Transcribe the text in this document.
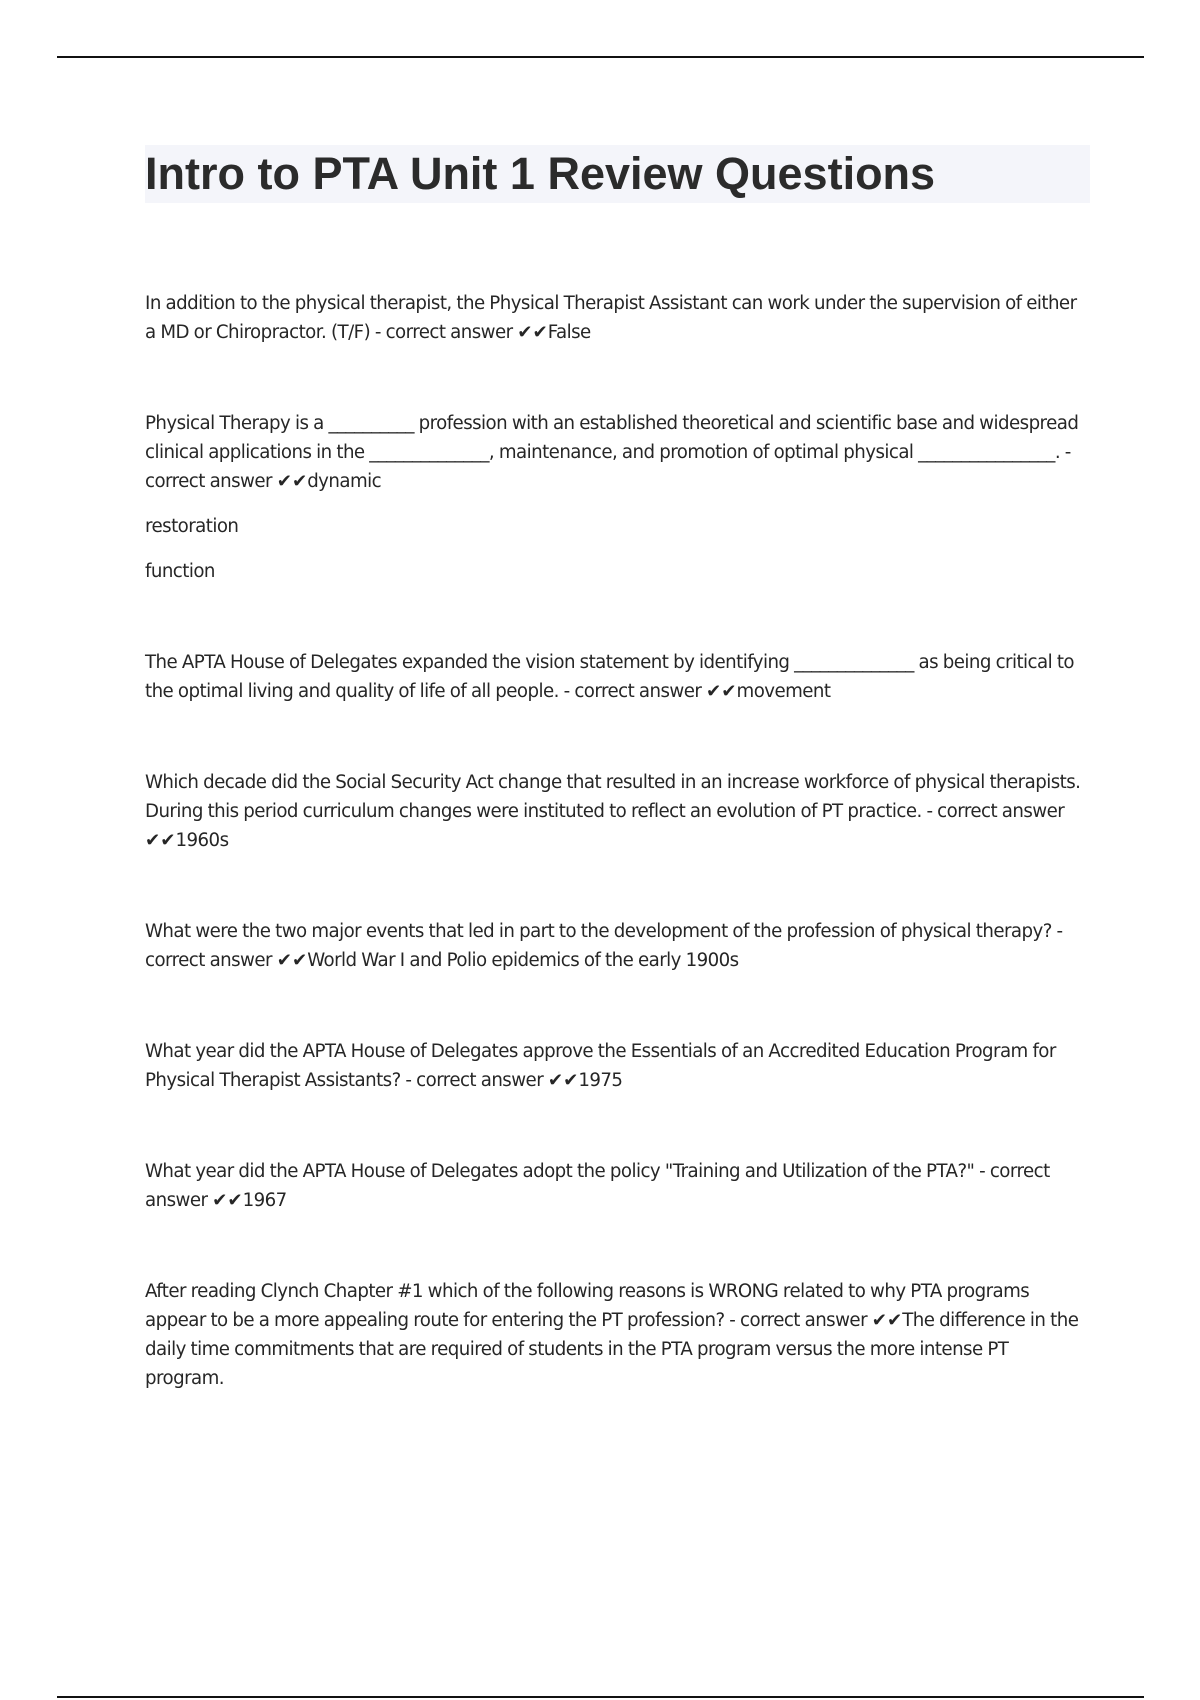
Intro to PTA Unit 1 Review Questions

In addition to the physical therapist, the Physical Therapist Assistant can work under the supervision of either a MD or Chiropractor. (T/F) - correct answer ✔✔False

Physical Therapy is a __________ profession with an established theoretical and scientific base and widespread clinical applications in the ______________, maintenance, and promotion of optimal physical ________________. - correct answer ✔✔dynamic

restoration

function

The APTA House of Delegates expanded the vision statement by identifying ______________ as being critical to the optimal living and quality of life of all people. - correct answer ✔✔movement

Which decade did the Social Security Act change that resulted in an increase workforce of physical therapists. During this period curriculum changes were instituted to reflect an evolution of PT practice. - correct answer ✔✔1960s

What were the two major events that led in part to the development of the profession of physical therapy? - correct answer ✔✔World War I and Polio epidemics of the early 1900s

What year did the APTA House of Delegates approve the Essentials of an Accredited Education Program for Physical Therapist Assistants? - correct answer ✔✔1975

What year did the APTA House of Delegates adopt the policy "Training and Utilization of the PTA?" - correct answer ✔✔1967

After reading Clynch Chapter #1 which of the following reasons is WRONG related to why PTA programs appear to be a more appealing route for entering the PT profession? - correct answer ✔✔The difference in the daily time commitments that are required of students in the PTA program versus the more intense PT program.
